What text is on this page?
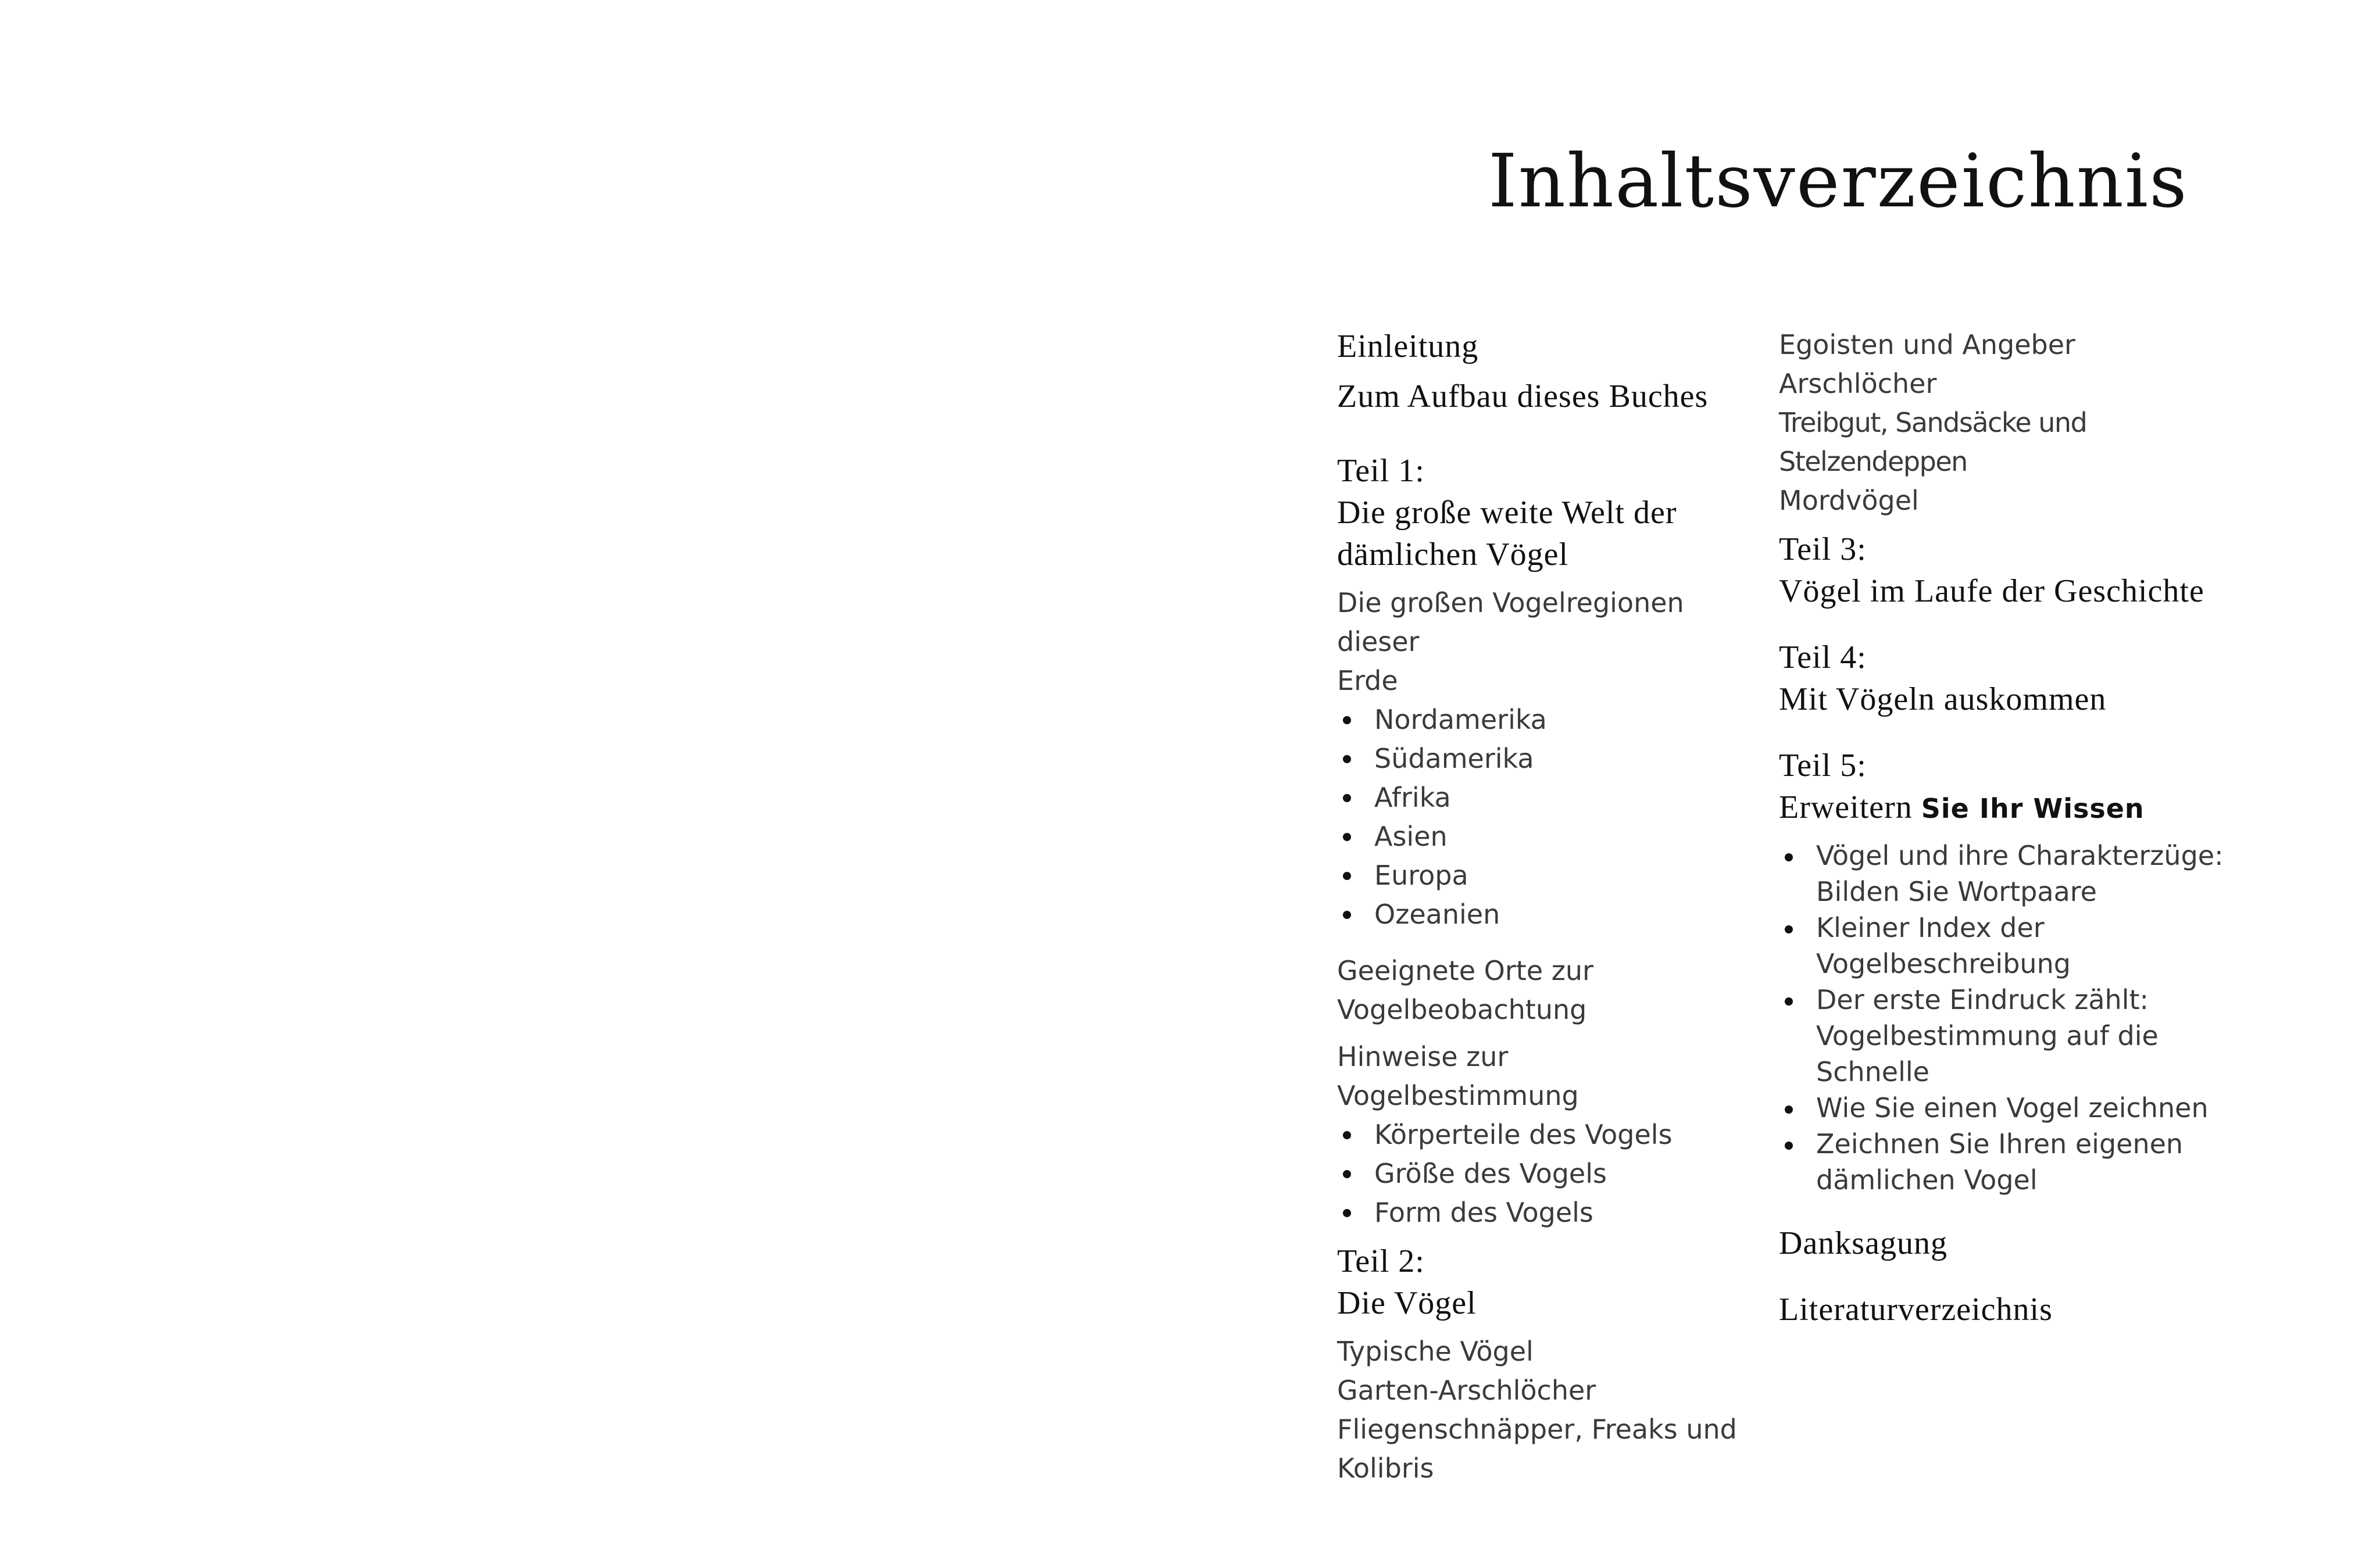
Inhaltsverzeichnis

Einleitung

Zum Aufbau dieses Buches

Teil 1:
Die große weite Welt der
dämlichen Vögel

Die großen Vogelregionen dieser

Erde

Nordamerika
Südamerika
Afrika
Asien
Europa
Ozeanien

Geeignete Orte zur

Vogelbeobachtung

Hinweise zur Vogelbestimmung

Körperteile des Vogels
Größe des Vogels
Form des Vogels
Teil 2:
Die Vögel

Typische Vögel

Garten-Arschlöcher

Fliegenschnäpper, Freaks und

Kolibris

Egoisten und Angeber

Arschlöcher

Treibgut, Sandsäcke und Stelzendeppen

Mordvögel

Teil 3:
Vögel im Laufe der Geschichte
Teil 4:
Mit Vögeln auskommen
Teil 5:
Erweitern Sie Ihr Wissen
Vögel und ihre Charakterzüge:
Bilden Sie Wortpaare
Kleiner Index der
Vogelbeschreibung
Der erste Eindruck zählt:
Vogelbestimmung auf die Schnelle
Wie Sie einen Vogel zeichnen
Zeichnen Sie Ihren eigenen
dämlichen Vogel

Danksagung

Literaturverzeichnis
